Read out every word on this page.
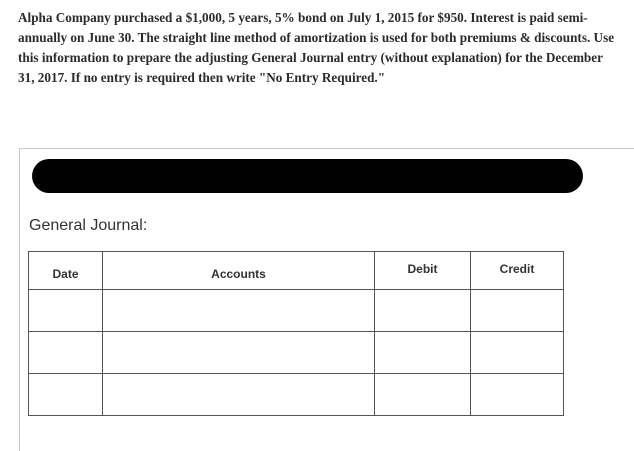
Alpha Company purchased a $1,000, 5 years, 5% bond on July 1, 2015 for $950. Interest is paid semi-annually on June 30. The straight line method of amortization is used for both premiums & discounts. Use this information to prepare the adjusting General Journal entry (without explanation) for the December 31, 2017. If no entry is required then write "No Entry Required."
General Journal:
Date	Accounts	Debit	Credit
